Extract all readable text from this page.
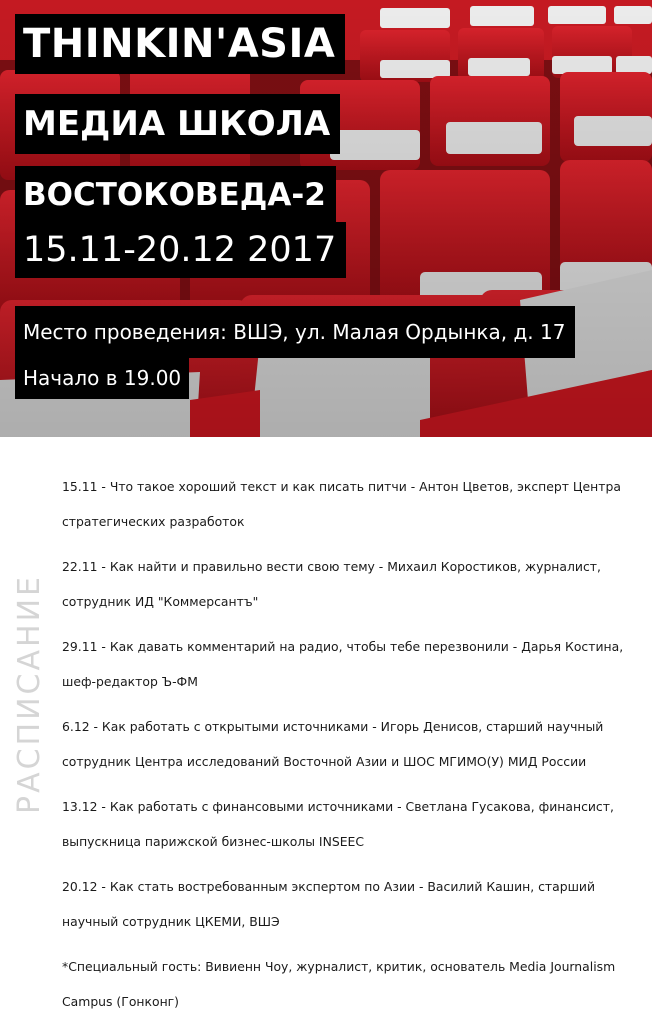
THINKIN'ASIA
МЕДИА ШКОЛА
ВОСТОКОВЕДА-2
15.11-20.12 2017
Место проведения: ВШЭ, ул. Малая Ордынка, д. 17
Начало в 19.00
РАСПИСАНИЕ

15.11 - Что такое хороший текст и как писать питчи - Антон Цветов, эксперт Центра

стратегических разработок

22.11 - Как найти и правильно вести свою тему - Михаил Коростиков, журналист,

сотрудник ИД "Коммерсантъ"

29.11 - Как давать комментарий на радио, чтобы тебе перезвонили - Дарья Костина,

шеф-редактор Ъ-ФМ

6.12 - Как работать с открытыми источниками - Игорь Денисов, старший научный

сотрудник Центра исследований Восточной Азии и ШОС МГИМО(У) МИД России

13.12 - Как работать с финансовыми источниками - Светлана Гусакова, финансист,

выпускница парижской бизнес-школы INSEEC

20.12 - Как стать востребованным экспертом по Азии - Василий Кашин, старший

научный сотрудник ЦКЕМИ, ВШЭ

*Специальный гость: Вивиенн Чоу, журналист, критик, основатель Media Journalism

Campus (Гонконг)
